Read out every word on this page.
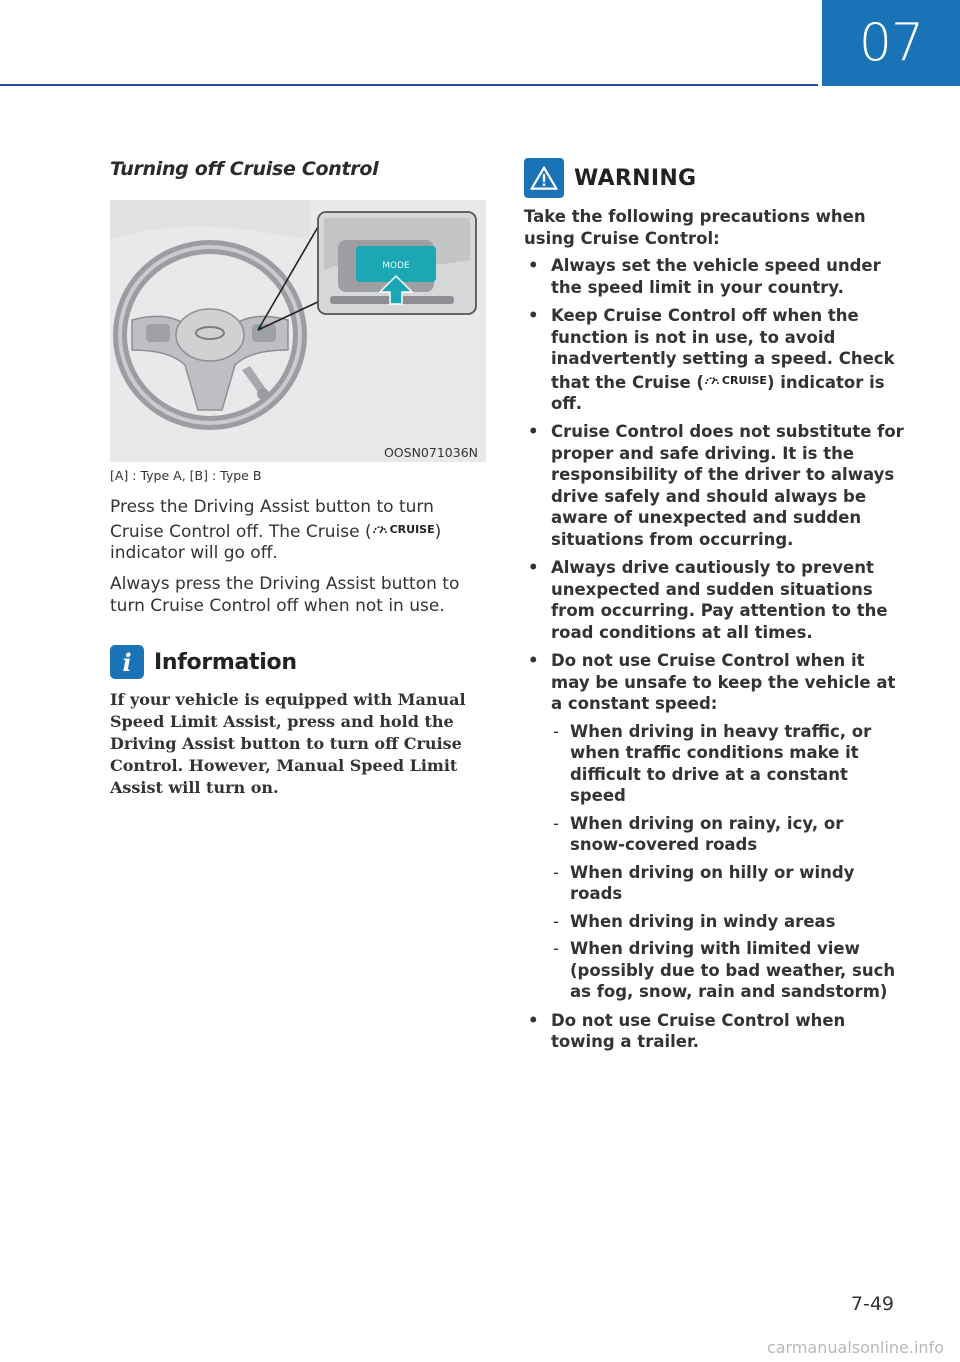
07
Turning off Cruise Control
MODE
OOSN071036N
[A] : Type A, [B] : Type B

Press the Driving Assist button to turn Cruise Control off. The Cruise ( CRUISE ) indicator will go off.

Always press the Driving Assist button to turn Cruise Control off when not in use.

i	Information
If your vehicle is equipped with Manual Speed Limit Assist, press and hold the Driving Assist button to turn off Cruise Control. However, Manual Speed Limit Assist will turn on.
WARNING
Take the following precautions when using Cruise Control:
• Always set the vehicle speed under the speed limit in your country.
• Keep Cruise Control off when the function is not in use, to avoid inadvertently setting a speed. Check that the Cruise ( CRUISE ) indicator is off.
• Cruise Control does not substitute for proper and safe driving. It is the responsibility of the driver to always drive safely and should always be aware of unexpected and sudden situations from occurring.
• Always drive cautiously to prevent unexpected and sudden situations from occurring. Pay attention to the road conditions at all times.
• Do not use Cruise Control when it may be unsafe to keep the vehicle at a constant speed:
- When driving in heavy traffic, or when traffic conditions make it difficult to drive at a constant speed
- When driving on rainy, icy, or snow-covered roads
- When driving on hilly or windy roads
- When driving in windy areas
- When driving with limited view (possibly due to bad weather, such as fog, snow, rain and sandstorm)
• Do not use Cruise Control when towing a trailer.
7-49
carmanualsonline.info
